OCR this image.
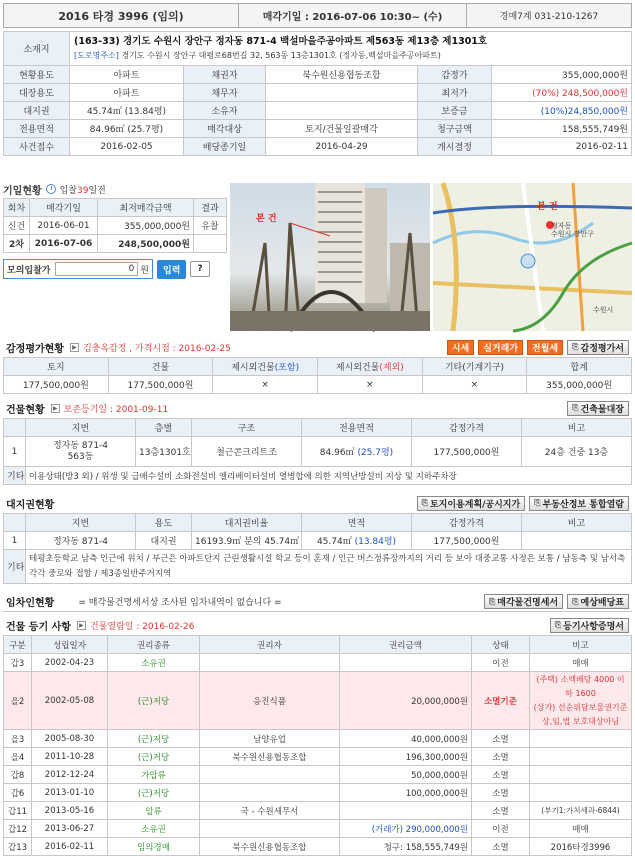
2016 타경 3996 (임의)	매각기일 : 2016-07-06 10:30~ (수)	경매7계 031-210-1267
소재지	(163-33) 경기도 수원시 장안구 정자동 871-4 백설마을주공아파트 제563동 제13층 제1301호
[도로명주소] 경기도 수원시 장안구 대평로68번길 32, 563동 13층1301호 (정자동,백설마을주공아파트)				

현황용도	아파트	채권자	북수원신용협동조합	감정가	355,000,000원
대장용도	아파트	채무자		최저가	(70%) 248,500,000원
대지권	45.74㎡ (13.84평)	소유자		보증금	(10%)24,850,000원
전용면적	84.96㎡ (25.7평)	매각대상	토지/건물일괄매각	청구금액	158,555,749원
사건접수	2016-02-05	배당종기일	2016-04-29	개시결정	2016-02-11
기일현황 입찰39일전
회차	매각기일	최저매각금액	결과
신건	2016-06-01	355,000,000원	유찰
2차	2016-07-06	248,500,000원	
모의입찰가	0 원	입력	?
본 건
본 건
정자동
수원시 장안구
수원시
감정평가현황	▶ 김충옥감정 , 가격시점 : 2016-02-25	시세	실거래가	전월세	⎘ 감정평가서
토지	건물	제시외건물(포함)	제시외건물(제외)	기타(기계기구)	합계
177,500,000원	177,500,000원	×	×	×	355,000,000원
건물현황	▶ 보존등기일 : 2001-09-11	⎘ 건축물대장
	지번	층별	구조	전용면적	감정가격	비고
1	정자동 871-4
563동	13층1301호	철근콘크리트조	84.96㎡ (25.7평)	177,500,000원	24층 건중 13층
기타	이용상태(방3 외) / 위생 및 급배수설비 소화전설비 엘리베이터설비 열병합에 의한 지역난방설비 지상 및 지하주차장					
대지권현황	⎘ 토지이용계획/공시지가 ⎘ 부동산정보 통합열람
	지번	용도	대지권비율	면적	감정가격	비고
1	정자동 871-4	대지권	16193.9㎡ 분의 45.74㎡	45.74㎡ (13.84평)	177,500,000원	
기타	테평초등학교 남측 인근에 위치 / 부근은 아파트단지 근린생활시설 학교 등이 혼재 / 인근 버스정류장까지의 거리 등 보아 대중교통 사정은 보통 / 남동측 및 남서측 각각 중로와 접함 / 제3종일반주거지역					
임차인현황	= 매각물건명세서상 조사된 임차내역이 없습니다 =	⎘ 매각물건명세서 ⎘ 예상배당표
건물 등기 사항	▶ 건물열람일 : 2016-02-26	⎘ 등기사항증명서
구분	성립일자	권리종류	권리자	권리금액	상태	비고
갑3	2002-04-23	소유권			이전	매매
을2	2002-05-08	(근)저당	응진식품	20,000,000원	소멸기준	(주택) 소액배당 4000 이하 1600
(상가) 선순위담보물권기준
상,임,법 보호대상아님
을3	2005-08-30	(근)저당	남양유업	40,000,000원	소멸	
을4	2011-10-28	(근)저당	북수원신용협동조합	196,300,000원	소멸	
갑8	2012-12-24	가압류		50,000,000원	소멸	
갑6	2013-01-10	(근)저당		100,000,000원	소멸	
갑11	2013-05-16	압류	국 - 수원세무서		소멸	(부기1:가처세과-6844)
갑12	2013-06-27	소유권		(거래가) 290,000,000원	이전	매매
갑13	2016-02-11	임의경매	북수원신용협동조합	청구: 158,555,749원	소멸	2016타경3996
